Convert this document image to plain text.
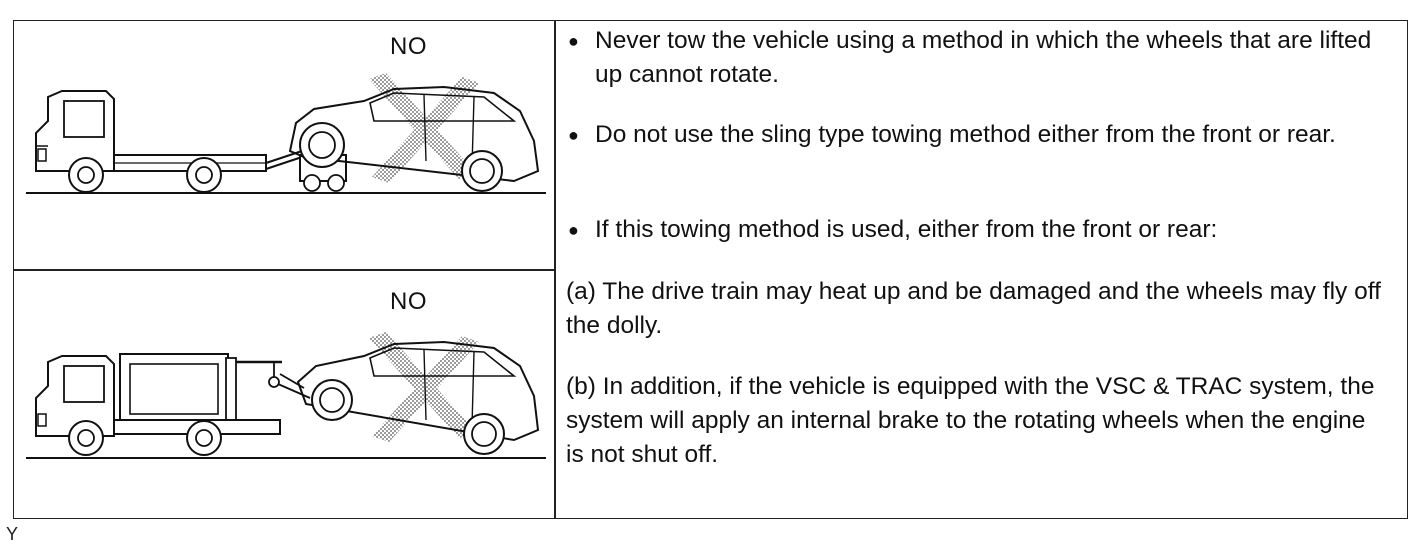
NO
NO
● Never tow the vehicle using a method in which the wheels that are lifted up cannot rotate.
● Do not use the sling type towing method either from the front or rear.
● If this towing method is used, either from the front or rear:
(a) The drive train may heat up and be damaged and the wheels may fly off the dolly.
(b) In addition, if the vehicle is equipped with the VSC & TRAC system, the system will apply an internal brake to the rotating wheels when the engine is not shut off.
Y
